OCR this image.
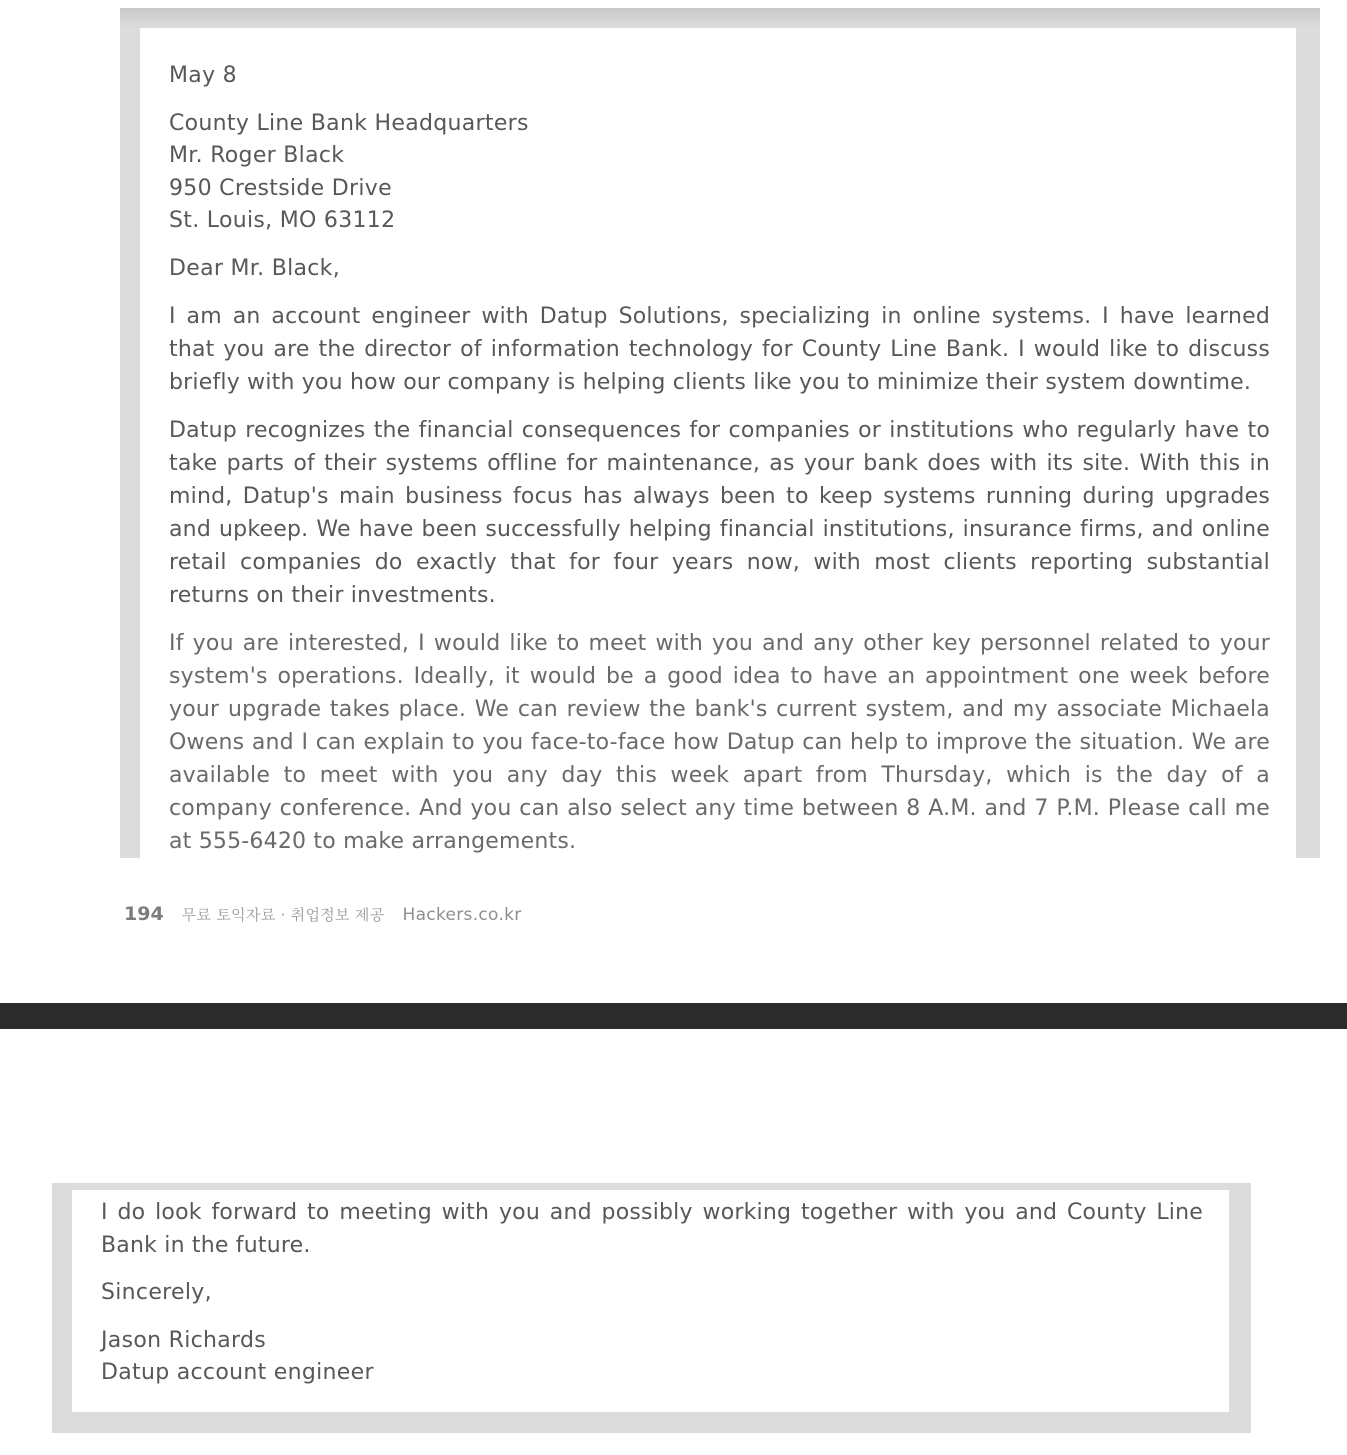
May 8

County Line Bank Headquarters

Mr. Roger Black

950 Crestside Drive

St. Louis, MO 63112

Dear Mr. Black,

I am an account engineer with Datup Solutions, specializing in online systems. I have learned that you are the director of information technology for County Line Bank. I would like to discuss briefly with you how our company is helping clients like you to minimize their system downtime.

Datup recognizes the financial consequences for companies or institutions who regularly have to take parts of their systems offline for maintenance, as your bank does with its site. With this in mind, Datup's main business focus has always been to keep systems running during upgrades and upkeep. We have been successfully helping financial institutions, insurance firms, and online retail companies do exactly that for four years now, with most clients reporting substantial returns on their investments.

If you are interested, I would like to meet with you and any other key personnel related to your system's operations. Ideally, it would be a good idea to have an appointment one week before your upgrade takes place. We can review the bank's current system, and my associate Michaela Owens and I can explain to you face-to-face how Datup can help to improve the situation. We are available to meet with you any day this week apart from Thursday, which is the day of a company conference. And you can also select any time between 8 A.M. and 7 P.M. Please call me at 555-6420 to make arrangements.

194 무료 토익자료 · 취업정보 제공 Hackers.co.kr

I do look forward to meeting with you and possibly working together with you and County Line Bank in the future.

Sincerely,

Jason Richards

Datup account engineer
